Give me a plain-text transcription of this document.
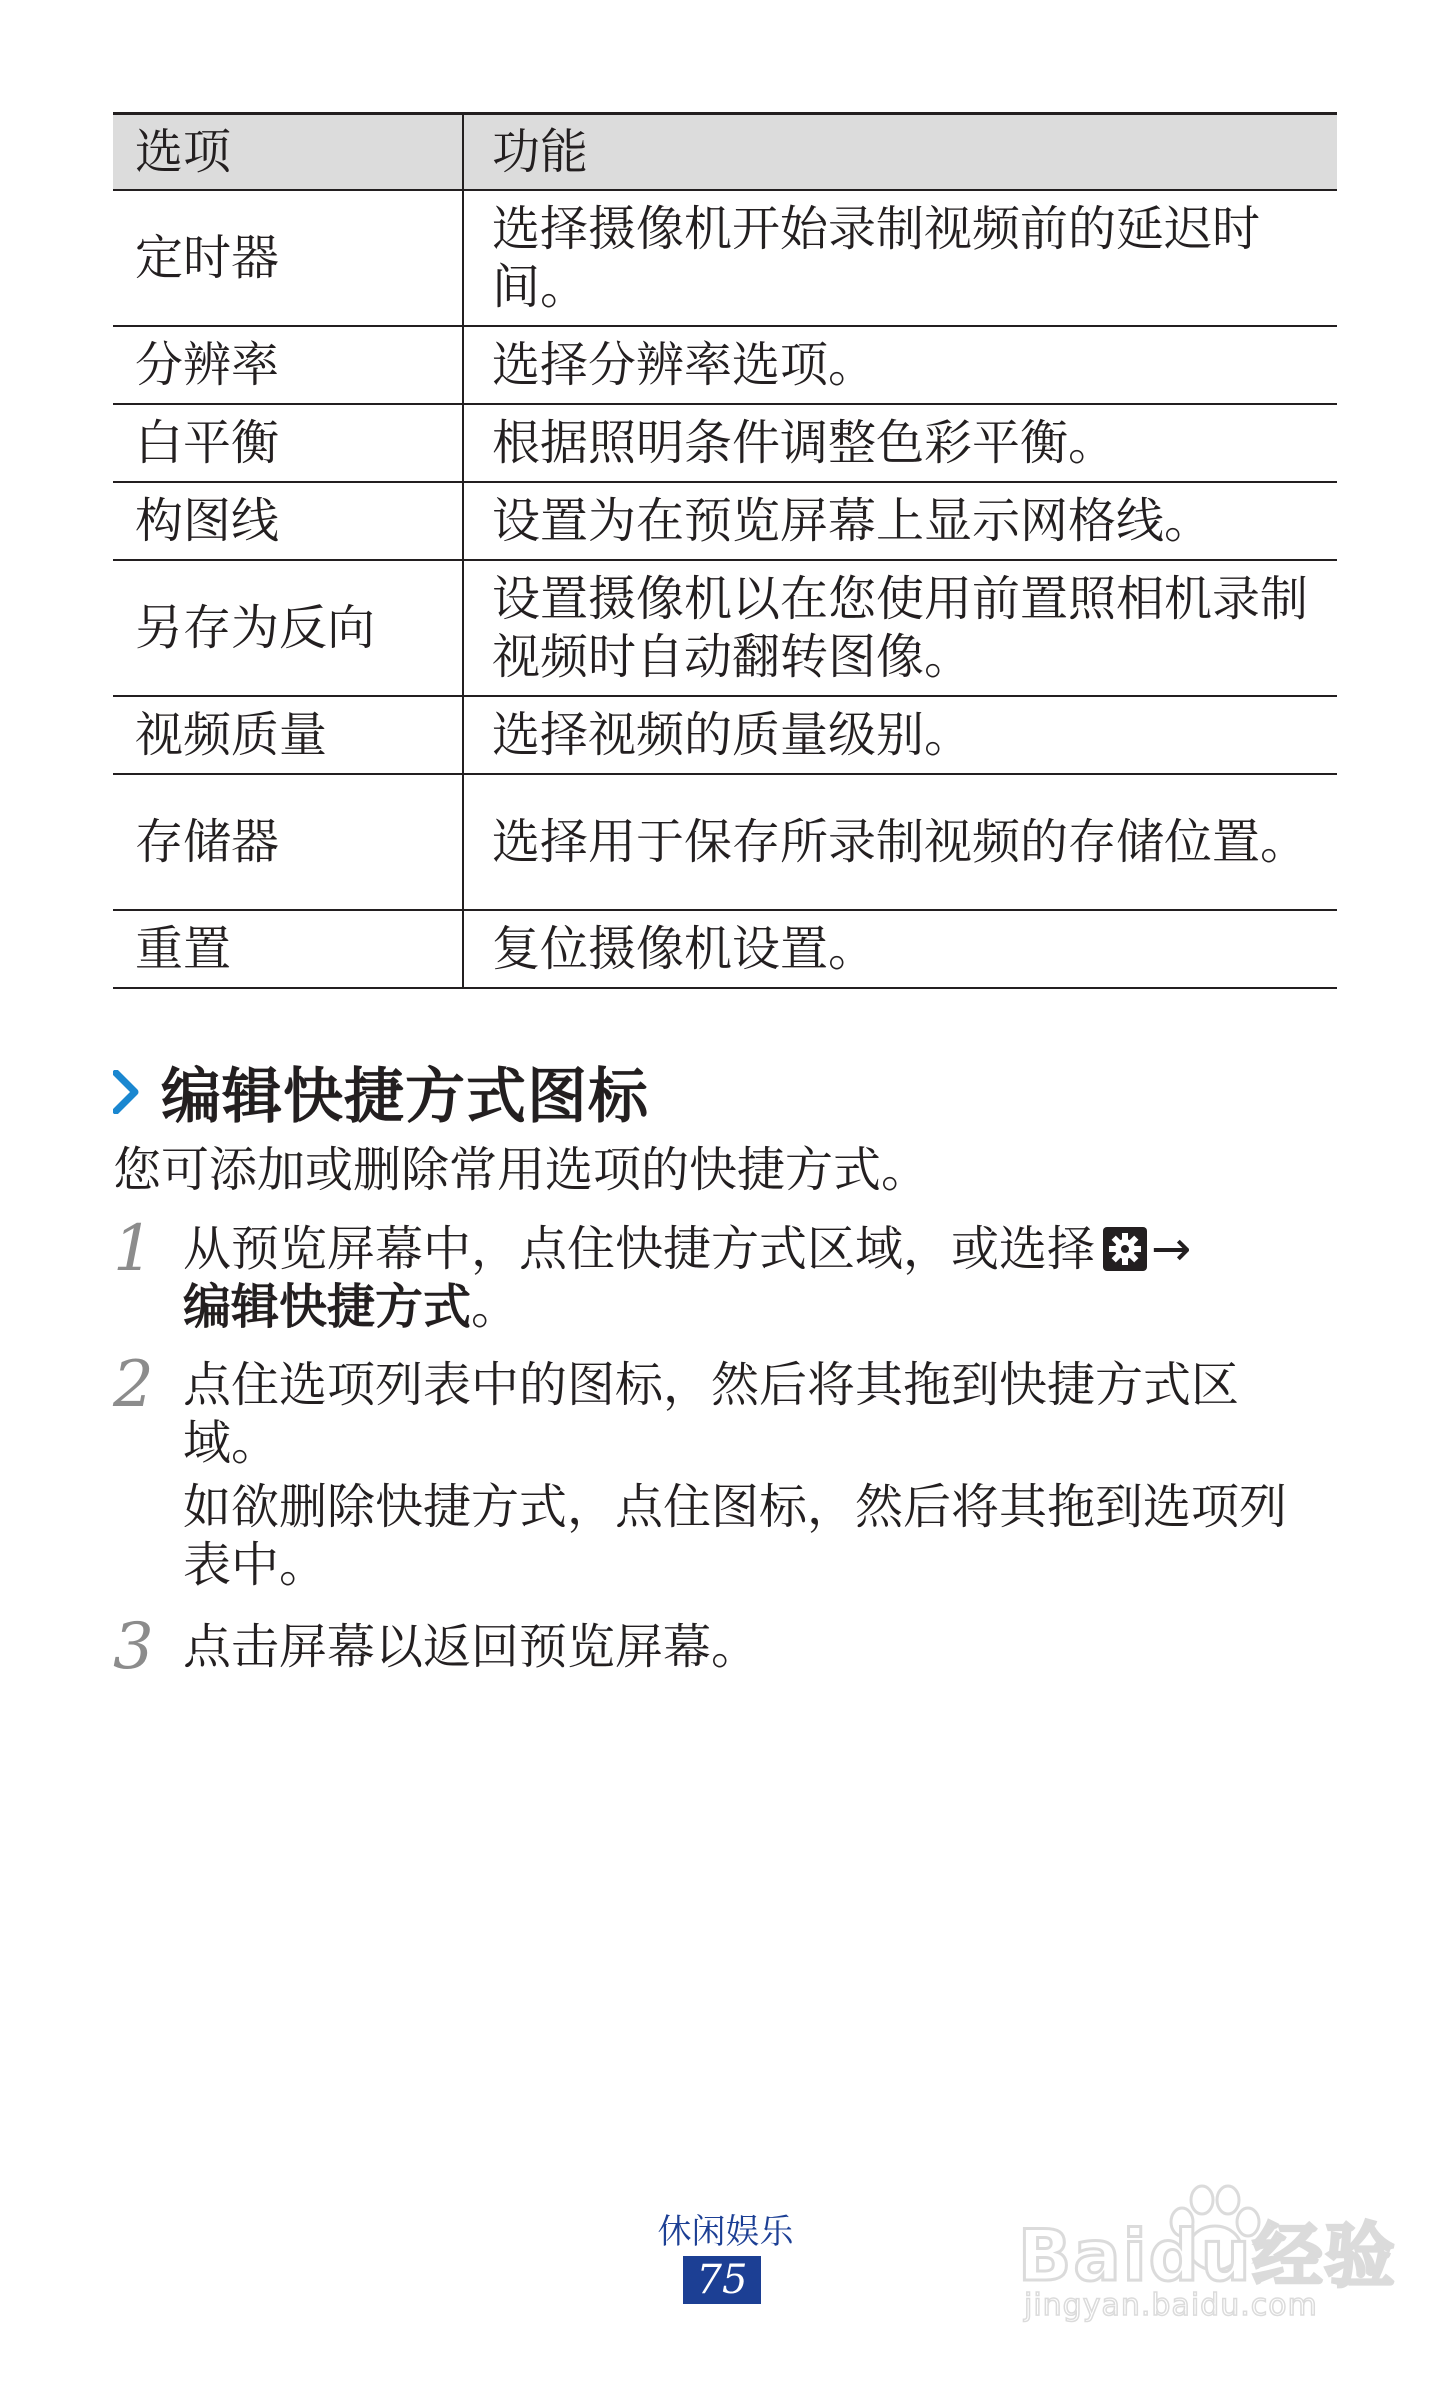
选项	功能
定时器	选择摄像机开始录制视频前的延迟时间。
分辨率	选择分辨率选项。
白平衡	根据照明条件调整色彩平衡。
构图线	设置为在预览屏幕上显示网格线。
另存为反向	设置摄像机以在您使用前置照相机录制视频时自动翻转图像。
视频质量	选择视频的质量级别。
存储器	选择用于保存所录制视频的存储位置。
重置	复位摄像机设置。
编辑快捷方式图标
您可添加或删除常用选项的快捷方式。
1 从预览屏幕中，点住快捷方式区域，或选择 →
编辑快捷方式。
2 点住选项列表中的图标，然后将其拖到快捷方式区域。
如欲删除快捷方式，点住图标，然后将其拖到选项列表中。
3 点击屏幕以返回预览屏幕。
休闲娱乐
75	Baidu经验
jingyan.baidu.com
